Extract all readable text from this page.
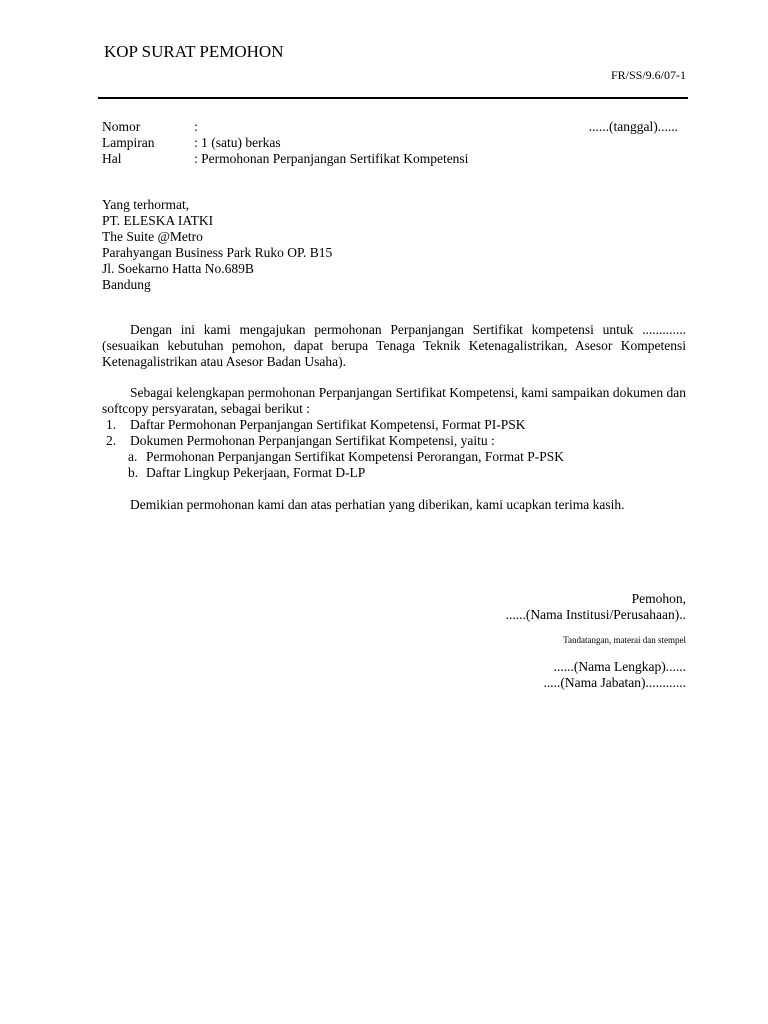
KOP SURAT PEMOHON
FR/SS/9.6/07-1
Nomor	:	......(tanggal)......
Lampiran	: 1 (satu) berkas
Hal	: Permohonan Perpanjangan Sertifikat Kompetensi
Yang terhormat,
PT. ELESKA IATKI
The Suite @Metro
Parahyangan Business Park Ruko OP. B15
Jl. Soekarno Hatta No.689B
Bandung

Dengan ini kami mengajukan permohonan Perpanjangan Sertifikat kompetensi untuk ............. (sesuaikan kebutuhan pemohon, dapat berupa Tenaga Teknik Ketenagalistrikan, Asesor Kompetensi Ketenagalistrikan atau Asesor Badan Usaha).

Sebagai kelengkapan permohonan Perpanjangan Sertifikat Kompetensi, kami sampaikan dokumen dan softcopy persyaratan, sebagai berikut :

1. Daftar Permohonan Perpanjangan Sertifikat Kompetensi, Format PI-PSK
2. Dokumen Permohonan Perpanjangan Sertifikat Kompetensi, yaitu :
a. Permohonan Perpanjangan Sertifikat Kompetensi Perorangan, Format P-PSK
b. Daftar Lingkup Pekerjaan, Format D-LP

Demikian permohonan kami dan atas perhatian yang diberikan, kami ucapkan terima kasih.

Pemohon,
......(Nama Institusi/Perusahaan)..
Tandatangan, materai dan stempel
......(Nama Lengkap)......
.....(Nama Jabatan)............
